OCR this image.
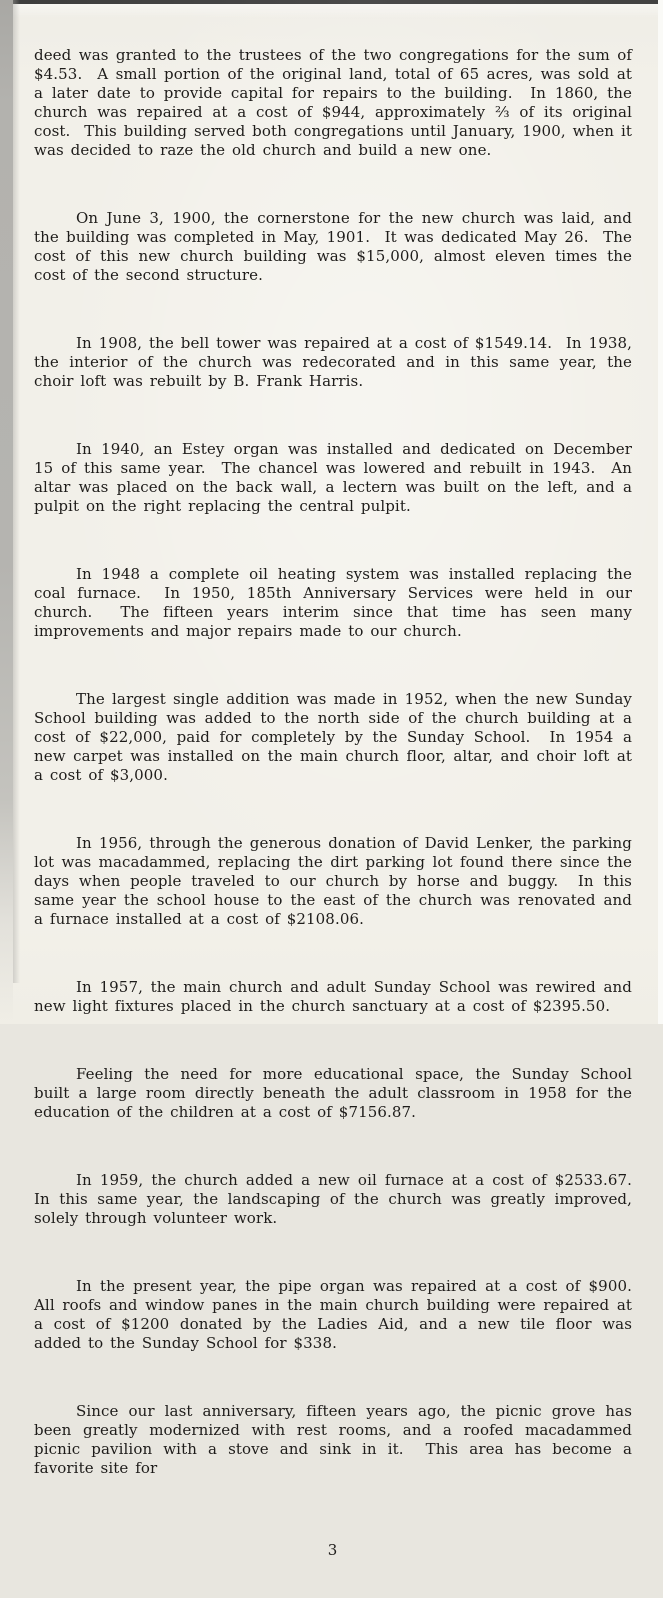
deed was granted to the trustees of the two congregations for the sum of $4.53.  A small portion of the original land, total of 65 acres, was sold at a later date to provide capital for repairs to the building.  In 1860, the church was repaired at a cost of $944, approximately ⅔ of its original cost.  This building served both congregations until January, 1900, when it was decided to raze the old church and build a new one.

On June 3, 1900, the cornerstone for the new church was laid, and the building was completed in May, 1901.  It was dedicated May 26.  The cost of this new church building was $15,000, almost eleven times the cost of the second structure.

In 1908, the bell tower was repaired at a cost of $1549.14.  In 1938, the interior of the church was redecorated and in this same year, the choir loft was rebuilt by B. Frank Harris.

In 1940, an Estey organ was installed and dedicated on December 15 of this same year.  The chancel was lowered and rebuilt in 1943.  An altar was placed on the back wall, a lectern was built on the left, and a pulpit on the right replacing the central pulpit.

In 1948 a complete oil heating system was installed replacing the coal furnace.  In 1950, 185th Anniversary Services were held in our church.  The fifteen years interim since that time has seen many improvements and major repairs made to our church.

The largest single addition was made in 1952, when the new Sunday School building was added to the north side of the church building at a cost of $22,000, paid for completely by the Sunday School.  In 1954 a new carpet was installed on the main church floor, altar, and choir loft at a cost of $3,000.

In 1956, through the generous donation of David Lenker, the parking lot was macadammed, replacing the dirt parking lot found there since the days when people traveled to our church by horse and buggy.  In this same year the school house to the east of the church was renovated and a furnace installed at a cost of $2108.06.

In 1957, the main church and adult Sunday School was rewired and new light fixtures placed in the church sanctuary at a cost of $2395.50.

Feeling the need for more educational space, the Sunday School built a large room directly beneath the adult classroom in 1958 for the education of the children at a cost of $7156.87.

In 1959, the church added a new oil furnace at a cost of $2533.67.  In this same year, the landscaping of the church was greatly improved, solely through volunteer work.

In the present year, the pipe organ was repaired at a cost of $900. All roofs and window panes in the main church building were repaired at a cost of $1200 donated by the Ladies Aid, and a new tile floor was added to the Sunday School for $338.

Since our last anniversary, fifteen years ago, the picnic grove has been greatly modernized with rest rooms, and a roofed macadammed picnic pavilion with a stove and sink in it.  This area has become a favorite site for

3
